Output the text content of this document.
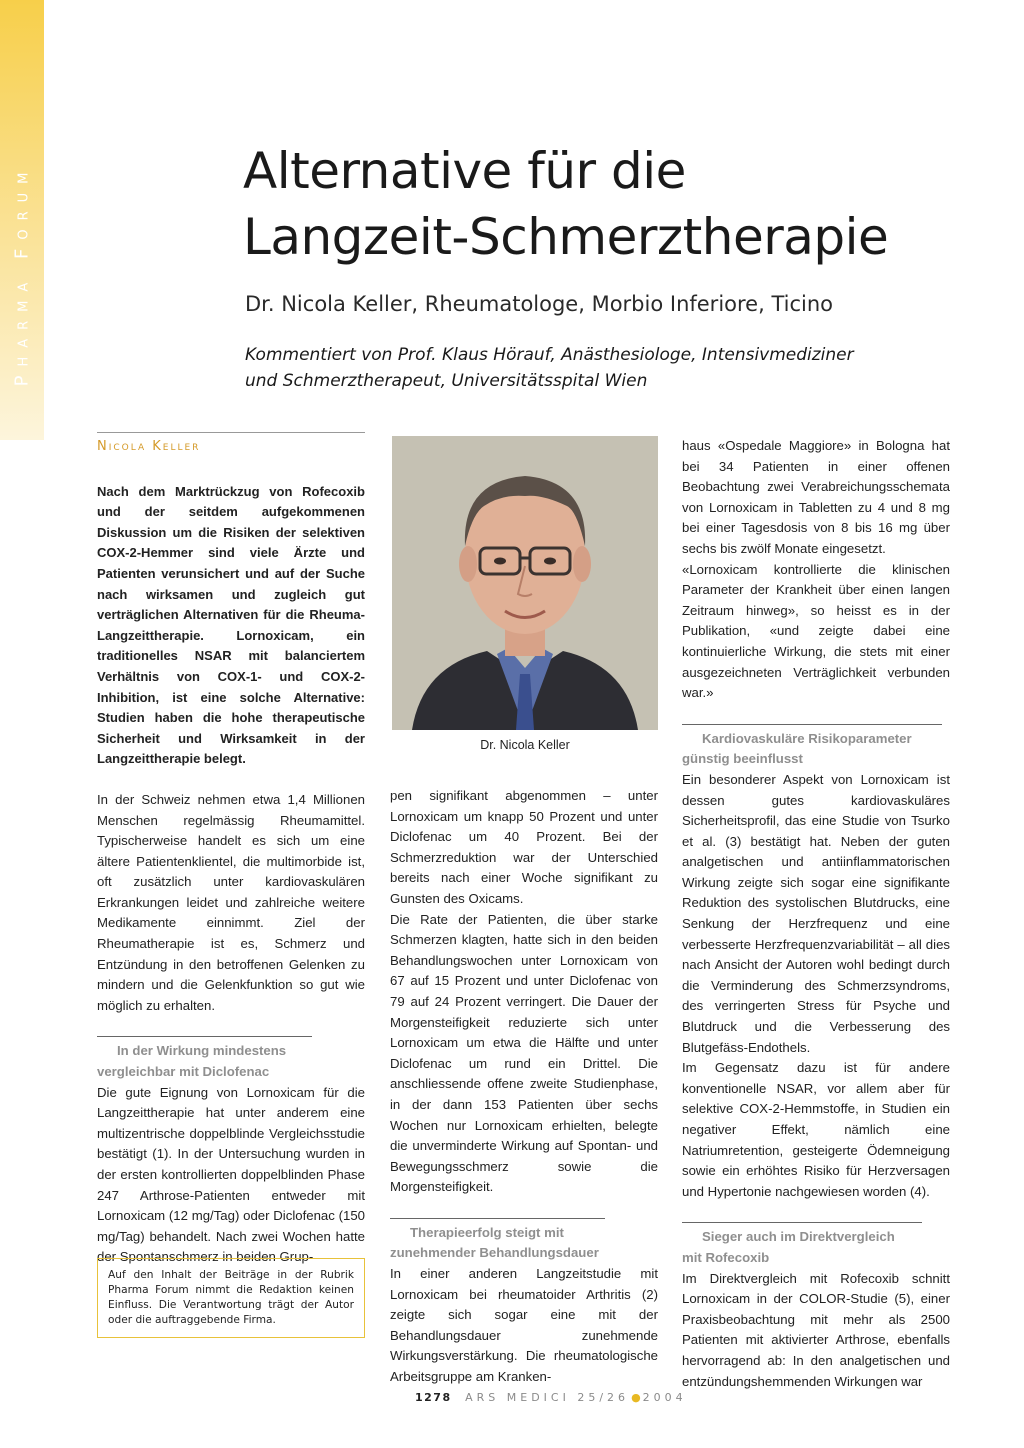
Pharma Forum	Alternative für die
Langzeit-Schmerztherapie
Dr. Nicola Keller, Rheumatologe, Morbio Inferiore, Ticino
Kommentiert von Prof. Klaus Hörauf, Anästhesiologe, Intensivmediziner
und Schmerztherapeut, Universitätsspital Wien
Nicola Keller

Nach dem Marktrückzug von Rofecoxib und der seitdem aufgekommenen Diskussion um die Risiken der selektiven COX-2-Hemmer sind viele Ärzte und Patienten verunsichert und auf der Suche nach wirksamen und zugleich gut verträglichen Alternativen für die Rheuma-Langzeittherapie. Lornoxicam, ein traditionelles NSAR mit balanciertem Verhältnis von COX-1- und COX-2-Inhibition, ist eine solche Alternative: Studien haben die hohe therapeutische Sicherheit und Wirksamkeit in der Langzeittherapie belegt.

In der Schweiz nehmen etwa 1,4 Millionen Menschen regelmässig Rheumamittel. Typischerweise handelt es sich um eine ältere Patientenklientel, die multimorbide ist, oft zusätzlich unter kardiovaskulären Erkrankungen leidet und zahlreiche weitere Medikamente einnimmt. Ziel der Rheumatherapie ist es, Schmerz und Entzündung in den betroffenen Gelenken zu mindern und die Gelenkfunktion so gut wie möglich zu erhalten.

In der Wirkung mindestens
vergleichbar mit Diclofenac

Die gute Eignung von Lornoxicam für die Langzeittherapie hat unter anderem eine multizentrische doppelblinde Vergleichsstudie bestätigt (1). In der Untersuchung wurden in der ersten kontrollierten doppelblinden Phase 247 Arthrose-Patienten entweder mit Lornoxicam (12 mg/Tag) oder Diclofenac (150 mg/Tag) behandelt. Nach zwei Wochen hatte der Spontanschmerz in beiden Grup-

Auf den Inhalt der Beiträge in der Rubrik Pharma Forum nimmt die Redaktion keinen Einfluss. Die Verantwortung trägt der Autor oder die auftraggebende Firma.
Dr. Nicola Keller

pen signifikant abgenommen – unter Lornoxicam um knapp 50 Prozent und unter Diclofenac um 40 Prozent. Bei der Schmerzreduktion war der Unterschied bereits nach einer Woche signifikant zu Gunsten des Oxicams.

Die Rate der Patienten, die über starke Schmerzen klagten, hatte sich in den beiden Behandlungswochen unter Lornoxicam von 67 auf 15 Prozent und unter Diclofenac von 79 auf 24 Prozent verringert. Die Dauer der Morgensteifigkeit reduzierte sich unter Lornoxicam um etwa die Hälfte und unter Diclofenac um rund ein Drittel. Die anschliessende offene zweite Studienphase, in der dann 153 Patienten über sechs Wochen nur Lornoxicam erhielten, belegte die unverminderte Wirkung auf Spontan- und Bewegungsschmerz sowie die Morgensteifigkeit.

Therapieerfolg steigt mit
zunehmender Behandlungsdauer

In einer anderen Langzeitstudie mit Lornoxicam bei rheumatoider Arthritis (2) zeigte sich sogar eine mit der Behandlungsdauer zunehmende Wirkungsverstärkung. Die rheumatologische Arbeitsgruppe am Kranken-

haus «Ospedale Maggiore» in Bologna hat bei 34 Patienten in einer offenen Beobachtung zwei Verabreichungsschemata von Lornoxicam in Tabletten zu 4 und 8 mg bei einer Tagesdosis von 8 bis 16 mg über sechs bis zwölf Monate eingesetzt.

«Lornoxicam kontrollierte die klinischen Parameter der Krankheit über einen langen Zeitraum hinweg», so heisst es in der Publikation, «und zeigte dabei eine kontinuierliche Wirkung, die stets mit einer ausgezeichneten Verträglichkeit verbunden war.»

Kardiovaskuläre Risikoparameter
günstig beeinflusst

Ein besonderer Aspekt von Lornoxicam ist dessen gutes kardiovaskuläres Sicherheitsprofil, das eine Studie von Tsurko et al. (3) bestätigt hat. Neben der guten analgetischen und antiinflammatorischen Wirkung zeigte sich sogar eine signifikante Reduktion des systolischen Blutdrucks, eine Senkung der Herzfrequenz und eine verbesserte Herzfrequenzvariabilität – all dies nach Ansicht der Autoren wohl bedingt durch die Verminderung des Schmerzsyndroms, des verringerten Stress für Psyche und Blutdruck und die Verbesserung des Blutgefäss-Endothels.

Im Gegensatz dazu ist für andere konventionelle NSAR, vor allem aber für selektive COX-2-Hemmstoffe, in Studien ein negativer Effekt, nämlich eine Natriumretention, gesteigerte Ödemneigung sowie ein erhöhtes Risiko für Herzversagen und Hypertonie nachgewiesen worden (4).

Sieger auch im Direktvergleich
mit Rofecoxib

Im Direktvergleich mit Rofecoxib schnitt Lornoxicam in der COLOR-Studie (5), einer Praxisbeobachtung mit mehr als 2500 Patienten mit aktivierter Arthrose, ebenfalls hervorragend ab: In den analgetischen und entzündungshemmenden Wirkungen war

1278 ARS MEDICI 25/26 ● 2004
